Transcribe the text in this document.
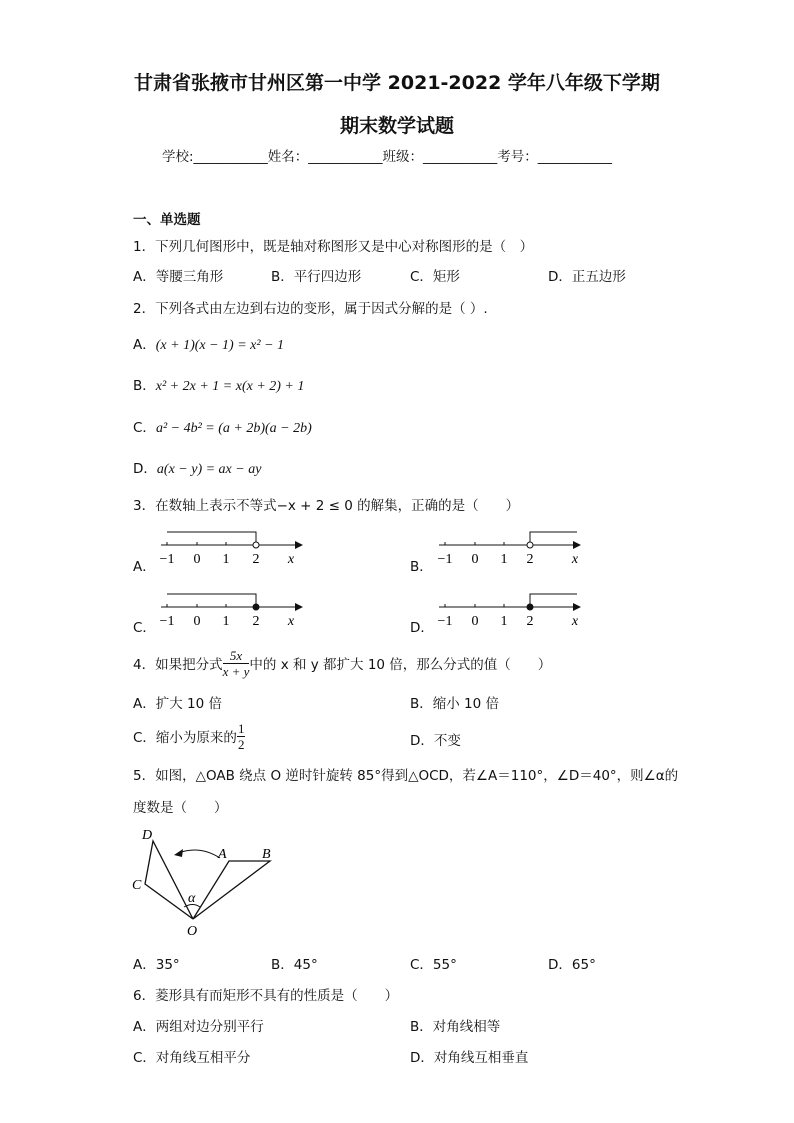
甘肃省张掖市甘州区第一中学 2021-2022 学年八年级下学期
期末数学试题
学校:___________姓名：___________班级：___________考号：___________
一、单选题
1．下列几何图形中，既是轴对称图形又是中心对称图形的是（　）
A．等腰三角形	B．平行四边形	C．矩形	D．正五边形
2．下列各式由左边到右边的变形，属于因式分解的是（ ）.
A．(x + 1)(x − 1) = x² − 1
B．x² + 2x + 1 = x(x + 2) + 1
C．a² − 4b² = (a + 2b)(a − 2b)
D．a(x − y) = ax − ay
3．在数轴上表示不等式−x + 2 ≤ 0 的解集，正确的是（　　）
A．	B．
C．	D．
−1 0 1 2 x	−1 0 1 2	x
−1 0 1 2 x	−1 0 1 2	x
4．如果把分式 $\frac{5x}{x + y}$ 中的 x 和 y 都扩大 10 倍，那么分式的值（　　）
A．扩大 10 倍	B．缩小 10 倍
C．缩小为原来的 $\frac{1}{2}$	D．不变
5．如图，△OAB 绕点 O 逆时针旋转 85°得到△OCD，若∠A＝110°，∠D＝40°，则∠α的
度数是（　　）
D
A	B
C
α
O
A．35°	B．45°	C．55°	D．65°
6．菱形具有而矩形不具有的性质是（　　）
A．两组对边分别平行	B．对角线相等
C．对角线互相平分	D．对角线互相垂直
